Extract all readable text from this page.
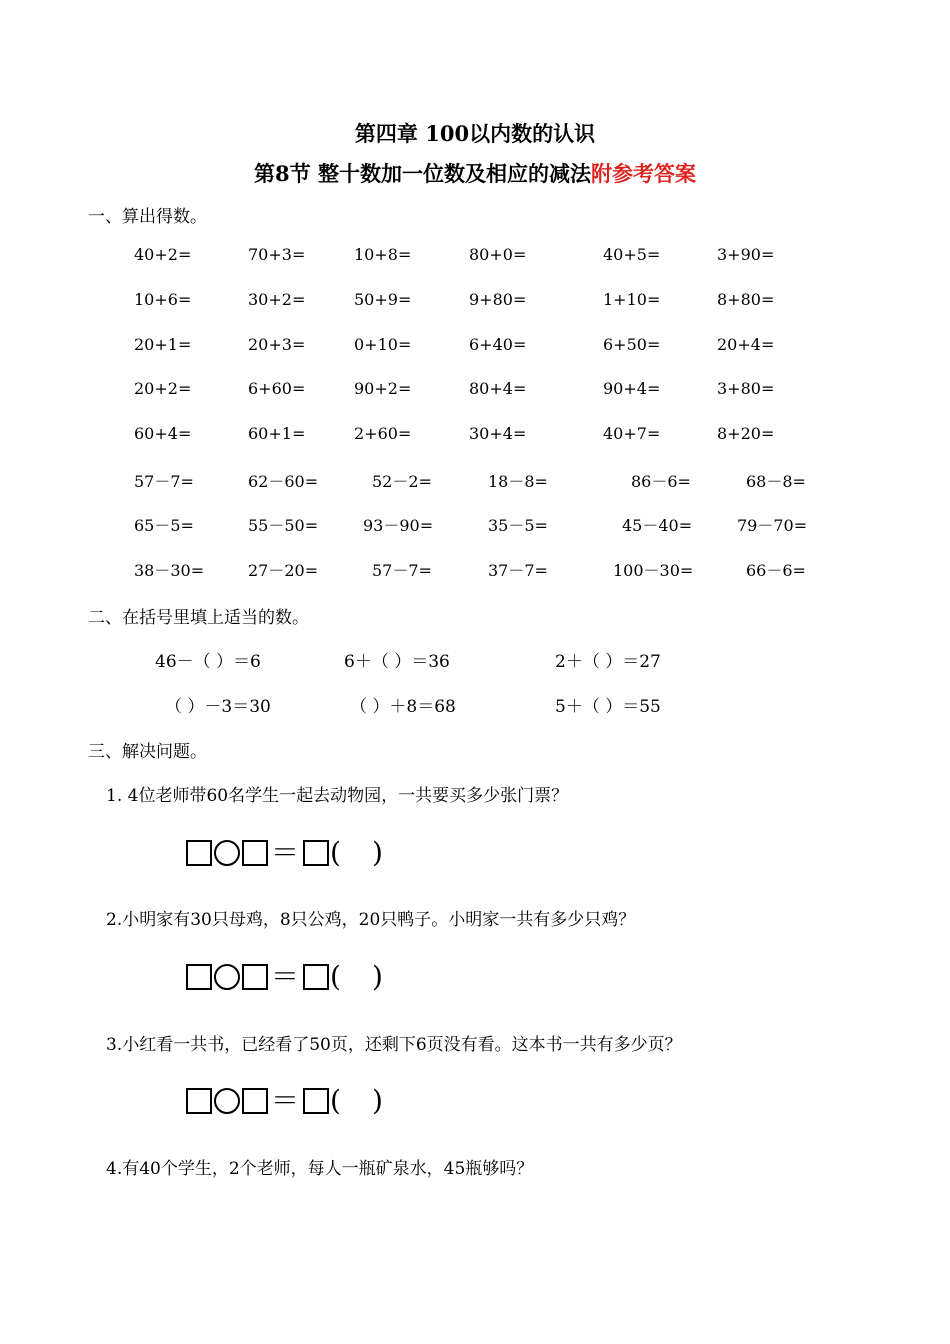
第四章 100以内数的认识
第8节 整十数加一位数及相应的减法附参考答案
一、算出得数。
40+2=	70+3=	10+8=	80+0=	40+5=	3+90=
10+6=	30+2=	50+9=	9+80=	1+10=	8+80=
20+1=	20+3=	0+10=	6+40=	6+50=	20+4=
20+2=	6+60=	90+2=	80+4=	90+4=	3+80=
60+4=	60+1=	2+60=	30+4=	40+7=	8+20=
57－7=	62－60=	52－2=	18－8=	86－6=	68－8=
65－5=	55－50=	93－90=	35－5=	45－40=	79－70=
38－30=	27－20=	57－7=	37－7=	100－30=	66－6=
二、在括号里填上适当的数。
46－（ ）＝6	6＋（ ）＝36	2＋（ ）＝27
（ ）－3＝30	（ ）＋8＝68	5＋（ ）＝55
三、解决问题。
1. 4位老师带60名学生一起去动物园，一共要买多少张门票？
＝ ( )
2.小明家有30只母鸡，8只公鸡，20只鸭子。小明家一共有多少只鸡？
＝ ( )
3.小红看一共书，已经看了50页，还剩下6页没有看。这本书一共有多少页？
＝ ( )
4.有40个学生，2个老师，每人一瓶矿泉水，45瓶够吗？
